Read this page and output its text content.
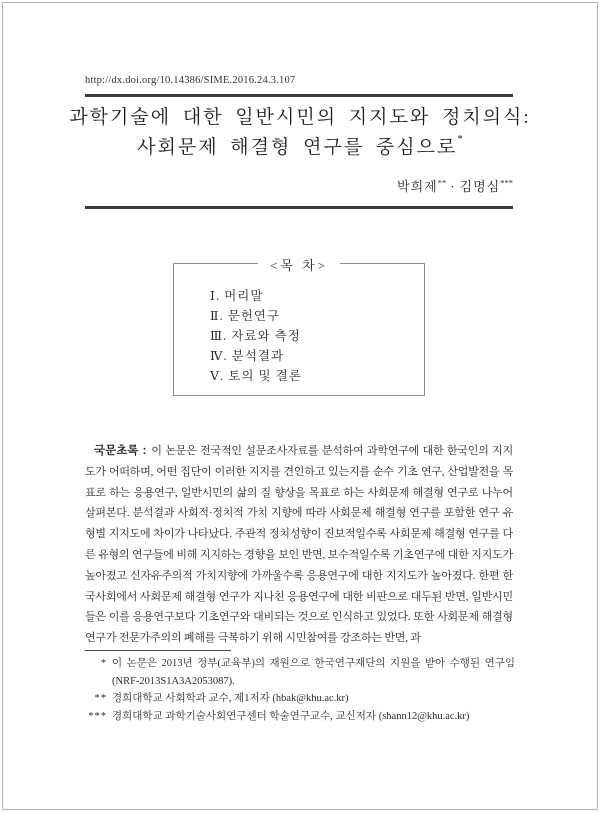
http://dx.doi.org/10.14386/SIME.2016.24.3.107
과학기술에 대한 일반시민의 지지도와 정치의식:
사회문제 해결형 연구를 중심으로*
박희제** · 김명심***
<목 차>
Ⅰ. 머리말
Ⅱ. 문헌연구
Ⅲ. 자료와 측정
Ⅳ. 분석결과
Ⅴ. 토의 및 결론

국문초록 : 이 논문은 전국적인 설문조사자료를 분석하여 과학연구에 대한 한국인의 지지도가 어떠하며, 어떤 집단이 이러한 지지를 견인하고 있는지를 순수 기초 연구, 산업발전을 목표로 하는 응용연구, 일반시민의 삶의 질 향상을 목표로 하는 사회문제 해결형 연구로 나누어 살펴본다. 분석결과 사회적·정치적 가치 지향에 따라 사회문제 해결형 연구를 포함한 연구 유형별 지지도에 차이가 나타났다. 주관적 정치성향이 진보적일수록 사회문제 해결형 연구를 다른 유형의 연구들에 비해 지지하는 경향을 보인 반면, 보수적일수록 기초연구에 대한 지지도가 높아졌고 신자유주의적 가치지향에 가까울수록 응용연구에 대한 지지도가 높아졌다. 한편 한국사회에서 사회문제 해결형 연구가 지나친 응용연구에 대한 비판으로 대두된 반면, 일반시민들은 이를 응용연구보다 기초연구와 대비되는 것으로 인식하고 있었다. 또한 사회문제 해결형 연구가 전문가주의의 폐해를 극복하기 위해 시민참여를 강조하는 반면, 과

* 이 논문은 2013년 정부(교육부)의 재원으로 한국연구재단의 지원을 받아 수행된 연구임 (NRF-2013S1A3A2053087).
** 경희대학교 사회학과 교수, 제1저자 (hbak@khu.ac.kr)
*** 경희대학교 과학기술사회연구센터 학술연구교수, 교신저자 (shann12@khu.ac.kr)
